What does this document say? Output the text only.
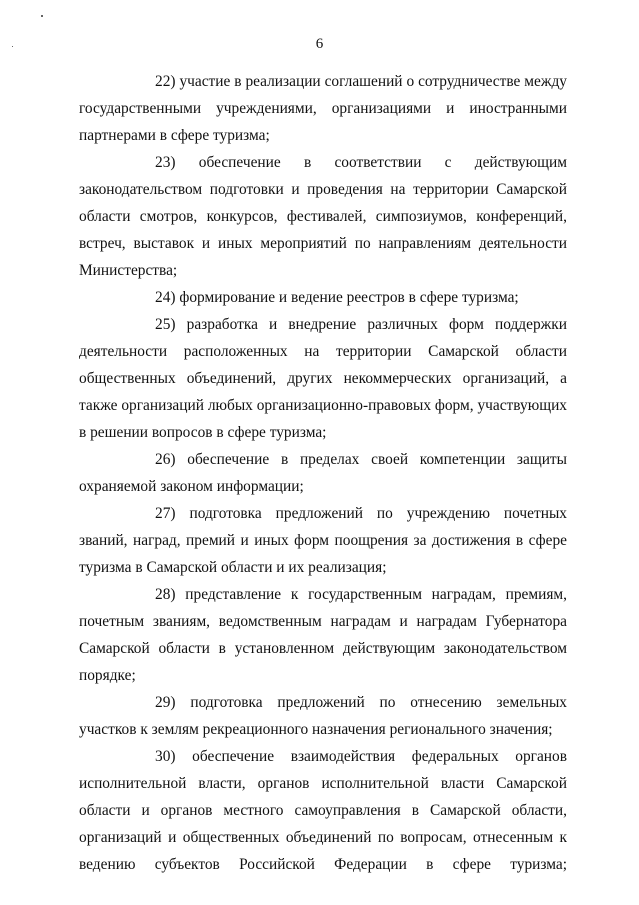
6

22) участие в реализации соглашений о сотрудничестве между государственными учреждениями, организациями и иностранными партнерами в сфере туризма;

23) обеспечение в соответствии с действующим законодательством подготовки и проведения на территории Самарской области смотров, конкурсов, фестивалей, симпозиумов, конференций, встреч, выставок и иных мероприятий по направлениям деятельности Министерства;

24) формирование и ведение реестров в сфере туризма;

25) разработка и внедрение различных форм поддержки деятельности расположенных на территории Самарской области общественных объединений, других некоммерческих организаций, а также организаций любых организационно-правовых форм, участвующих в решении вопросов в сфере туризма;

26) обеспечение в пределах своей компетенции защиты охраняемой законом информации;

27) подготовка предложений по учреждению почетных званий, наград, премий и иных форм поощрения за достижения в сфере туризма в Самарской области и их реализация;

28) представление к государственным наградам, премиям, почетным званиям, ведомственным наградам и наградам Губернатора Самарской области в установленном действующим законодательством порядке;

29) подготовка предложений по отнесению земельных участков к землям рекреационного назначения регионального значения;

30) обеспечение взаимодействия федеральных органов исполнительной власти, органов исполнительной власти Самарской области и органов местного самоуправления в Самарской области, организаций и общественных объединений по вопросам, отнесенным к ведению субъектов Российской Федерации в сфере туризма;
